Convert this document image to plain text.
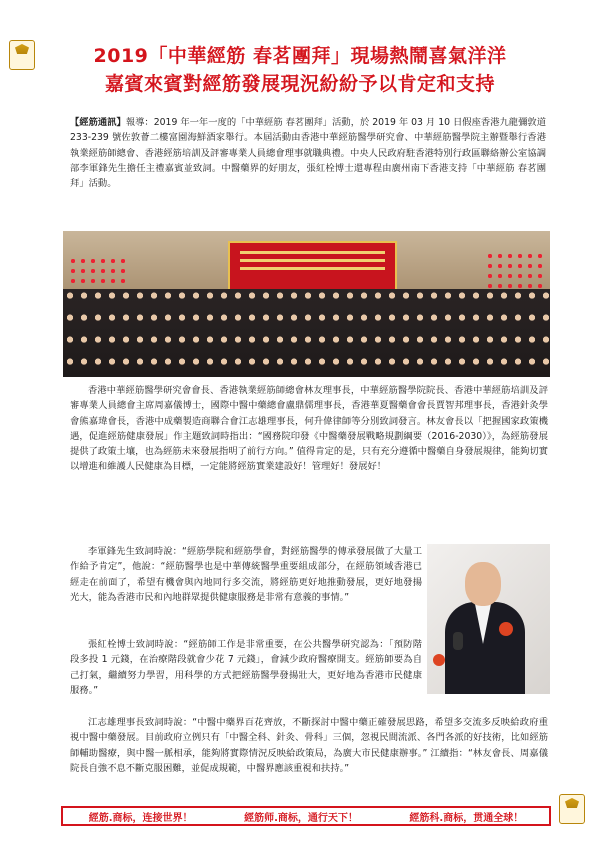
2019「中華經筋 春茗團拜」現場熱鬧喜氣洋洋
嘉賓來賓對經筋發展現況紛紛予以肯定和支持
【經筋通訊】報導：2019 年一年一度的「中華經筋 春茗團拜」活動，於 2019 年 03 月 10 日假座香港九龍彌敦道 233-239 號佐敦薈二樓富園海鮮酒家舉行。本屆活動由香港中華經筋醫學研究會、中華經筋醫學院主辦暨舉行香港執業經筋師總會、香港經筋培訓及評審專業人員總會理事就職典禮。中央人民政府駐香港特別行政區聯絡辦公室協調部李軍鋒先生擔任主禮嘉賓並致詞。中醫藥界的好朋友，張紅栓博士還專程由廣州南下香港支持「中華經筋 春茗團拜」活動。
香港中華經筋醫學研究會會長、香港執業經筋師總會林友理事長，中華經筋醫學院院長、香港中華經筋培訓及評審專業人員總會主席周嘉儀博士，國際中醫中藥總會盧鼎儒理事長，香港華夏醫藥會會長賈智邦理事長，香港針灸學會熊嘉瑋會長，香港中成藥製造商聯合會江志雄理事長，何升偉律師等分別致詞發言。林友會長以「把握國家政策機遇，促進經筋健康發展」作主題致詞時指出：“國務院印發《中醫藥發展戰略規劃綱要（2016-2030）》，為經筋發展提供了政策土壤，也為經筋未來發展指明了前行方向。” 值得肯定的是，只有充分遵循中醫藥自身發展規律，能夠切實以增進和維護人民健康為目標，一定能將經筋實業建設好！管理好！發展好！
李軍鋒先生致詞時說：“經筋學院和經筋學會，對經筋醫學的傳承發展做了大量工作給予肯定”，他說：“經筋醫學也是中華傳統醫學重要組成部分，在經筋領域香港已經走在前面了，希望有機會與內地同行多交流，將經筋更好地推動發展，更好地發揚光大，能為香港市民和內地群眾提供健康服務是非常有意義的事情。”
張紅栓博士致詞時說：“經筋師工作是非常重要，在公共醫學研究認為：「預防階段多投 1 元錢，在治療階段就會少花 7 元錢」，會減少政府醫療開支。經筋師要為自己打氣，繼續努力學習，用科學的方式把經筋醫學發揚壯大，更好地為香港市民健康服務。”
江志雄理事長致詞時說：“中醫中藥界百花齊放，不斷探討中醫中藥正確發展思路，希望多交流多反映給政府重視中醫中藥發展。目前政府立例只有「中醫全科、針灸、骨科」三個，忽視民間流派、各門各派的好技術，比如經筋師輔助醫療，與中醫一脈相承，能夠將實際情況反映給政策局，為廣大市民健康辦事。” 江續指：“林友會長、周嘉儀院長自強不息不斷克服困難，並促成規範，中醫界應該重視和扶持。”
經筋.商标，连接世界！	經筋师.商标，通行天下！	經筋科.商标，贯通全球！
